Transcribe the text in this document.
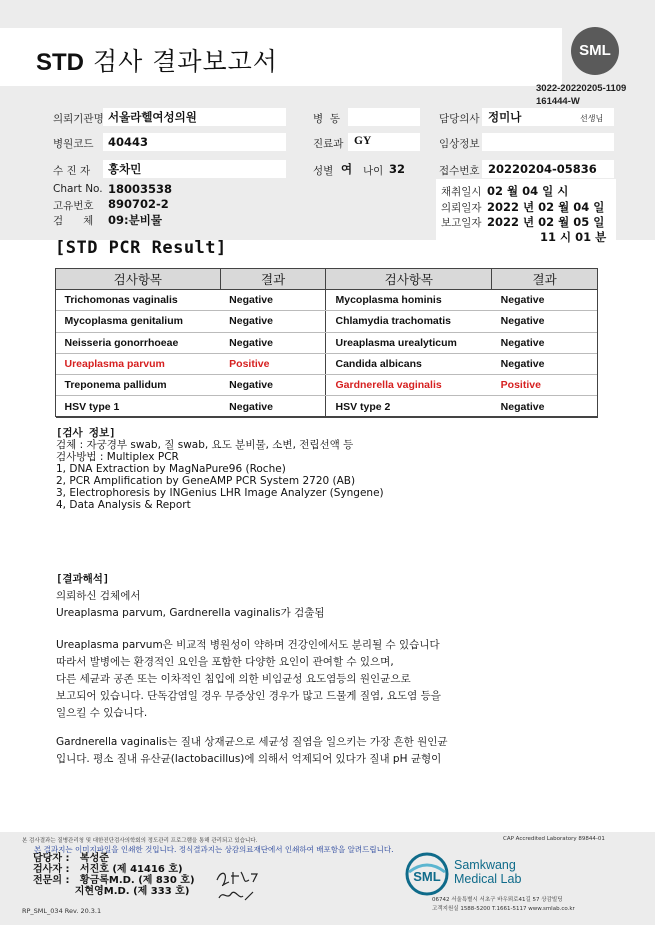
STD 검사 결과보고서	SML
3022-20220205-1109
161444-W
의뢰기관명 서울라헬여성의원
병원코드 40443
수 진 자 홍차민
Chart No. 18003538
고유번호 890702-2
검      체 09:분비물
병  동
진료과 GY
성별 여 나이 32
담당의사 정미나	선생님
임상정보
접수번호 20220204-05836
채취일시 02 월 04 일 시
의뢰일자 2022 년 02 월 04 일
보고일자 2022 년 02 월 05 일
11 시 01 분
[STD PCR Result]
검사항목	결과	검사항목	결과
Trichomonas vaginalis	Negative	Mycoplasma hominis	Negative
Mycoplasma genitalium	Negative	Chlamydia trachomatis	Negative
Neisseria gonorrhoeae	Negative	Ureaplasma urealyticum	Negative
Ureaplasma parvum	Positive	Candida albicans	Negative
Treponema pallidum	Negative	Gardnerella vaginalis	Positive
HSV type 1	Negative	HSV type 2	Negative
[검사 정보]
검체 : 자궁경부 swab, 질 swab, 요도 분비물, 소변, 전립선액 등
검사방법 : Multiplex PCR
1, DNA Extraction by MagNaPure96 (Roche)
2, PCR Amplification by GeneAMP PCR System 2720 (AB)
3, Electrophoresis by INGenius LHR Image Analyzer (Syngene)
4, Data Analysis & Report
[결과해석]
의뢰하신 검체에서
Ureaplasma parvum, Gardnerella vaginalis가 검출됨
Ureaplasma parvum은 비교적 병원성이 약하며 건강인에서도 분리될 수 있습니다
따라서 발병에는 환경적인 요인을 포함한 다양한 요인이 관여할 수 있으며,
다른 세균과 공존 또는 이차적인 침입에 의한 비임균성 요도염등의 원인균으로
보고되어 있습니다. 단독감염일 경우 무증상인 경우가 많고 드물게 질염, 요도염 등을
일으킬 수 있습니다.
Gardnerella vaginalis는 질내 상재균으로 세균성 질염을 일으키는 가장 흔한 원인균
입니다. 평소 질내 유산균(lactobacillus)에 의해서 억제되어 있다가 질내 pH 균형이
본 검사결과는 질병관리청 및 대한진단검사의학회의 정도관리 프로그램을 통해 관리되고 있습니다.	CAP Accredited Laboratory 89844-01
본 결과지는 이미지파일을 인쇄한 것입니다. 정식결과지는 상감의료재단에서 인쇄하여 배포함을 알려드립니다.
담당자 :   복성준
검사자 :   서진호 (제 41416 호)
전문의 :   황금록M.D. (제 830 호)
지현영M.D. (제 333 호)
SML
Samkwang
Medical Lab
06742 서울특별시 서초구 바우뫼로41길 57 상감빌딩
고객지원실 1588-5200 T.1661-5117 www.smlab.co.kr
RP_SML_034 Rev. 20.3.1
